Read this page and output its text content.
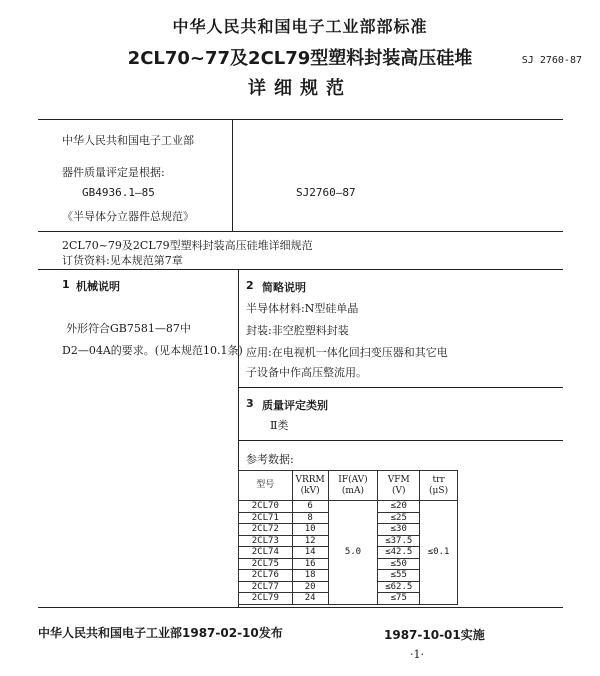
中华人民共和国电子工业部部标准
2CL70~77及2CL79型塑料封装高压硅堆
详细规范
SJ 2760-87
中华人民共和国电子工业部
器件质量评定是根据:
GB4936.1—85
《半导体分立器件总规范》
SJ2760—87
2CL70~79及2CL79型塑料封装高压硅堆详细规范
订货资料:见本规范第7章
1 机械说明
外形符合GB7581—87中
D2—04A的要求。(见本规范10.1条)
2 简略说明
半导体材料:N型硅单晶
封装:非空腔塑料封装
应用:在电视机一体化回扫变压器和其它电
子设备中作高压整流用。
3 质量评定类别
Ⅱ类
参考数据:
型号	VRRM (kV)	IF(AV) (mA)	VFM (V)	trr (μS)
2CL70	6	5.0	≤20	≤0.1
2CL71	8		≤25	
2CL72	10		≤30	
2CL73	12		≤37.5	
2CL74	14		≤42.5	
2CL75	16		≤50	
2CL76	18		≤55	
2CL77	20		≤62.5	
2CL79	24		≤75	
中华人民共和国电子工业部1987-02-10发布	1987-10-01实施
·1·
